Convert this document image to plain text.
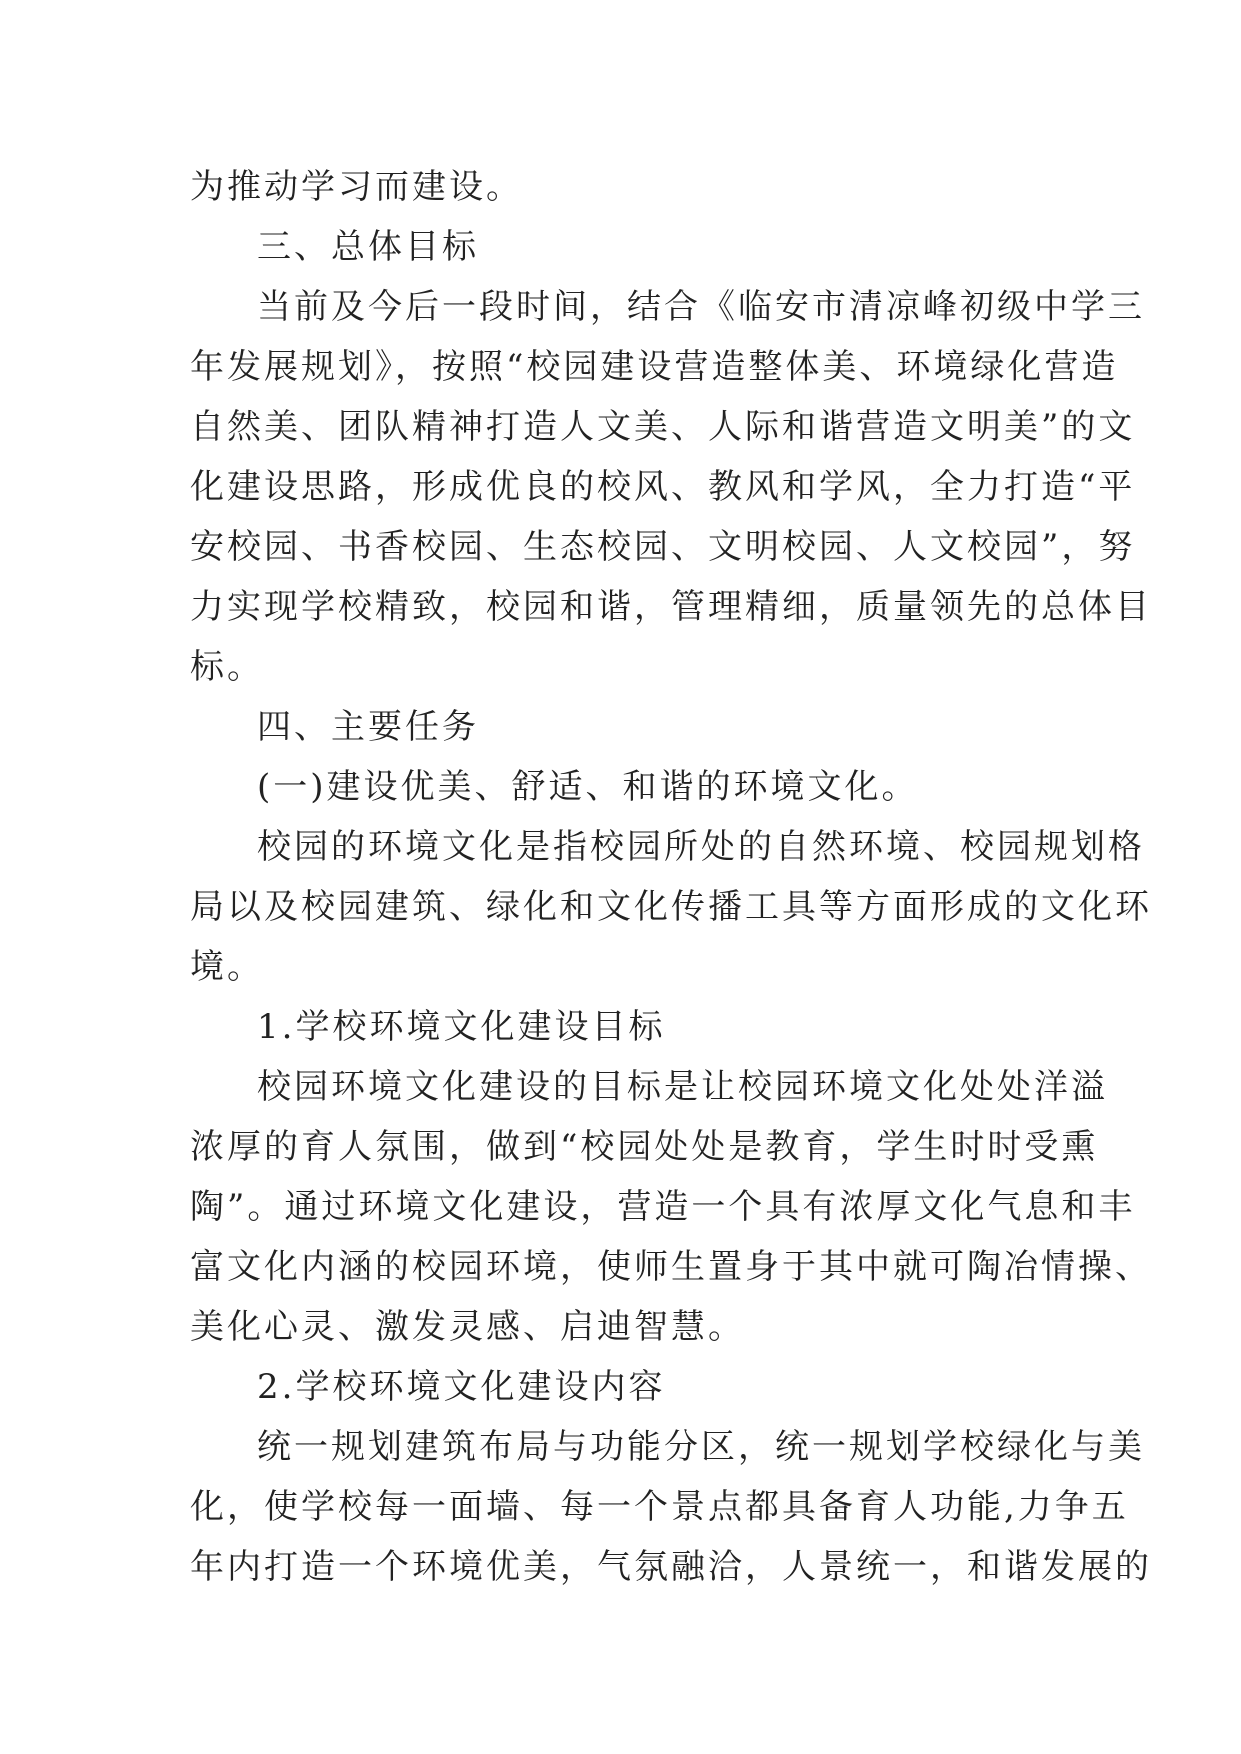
为推动学习而建设。
三、总体目标
当前及今后一段时间，结合《临安市清凉峰初级中学三
年发展规划》，按照“校园建设营造整体美、环境绿化营造
自然美、团队精神打造人文美、人际和谐营造文明美”的文
化建设思路，形成优良的校风、教风和学风，全力打造“平
安校园、书香校园、生态校园、文明校园、人文校园”，努
力实现学校精致，校园和谐，管理精细，质量领先的总体目
标。
四、主要任务
(一)建设优美、舒适、和谐的环境文化。
校园的环境文化是指校园所处的自然环境、校园规划格
局以及校园建筑、绿化和文化传播工具等方面形成的文化环
境。
1.学校环境文化建设目标
校园环境文化建设的目标是让校园环境文化处处洋溢
浓厚的育人氛围，做到“校园处处是教育，学生时时受熏
陶”。通过环境文化建设，营造一个具有浓厚文化气息和丰
富文化内涵的校园环境，使师生置身于其中就可陶冶情操、
美化心灵、激发灵感、启迪智慧。
2.学校环境文化建设内容
统一规划建筑布局与功能分区，统一规划学校绿化与美
化，使学校每一面墙、每一个景点都具备育人功能,力争五
年内打造一个环境优美，气氛融洽，人景统一，和谐发展的
